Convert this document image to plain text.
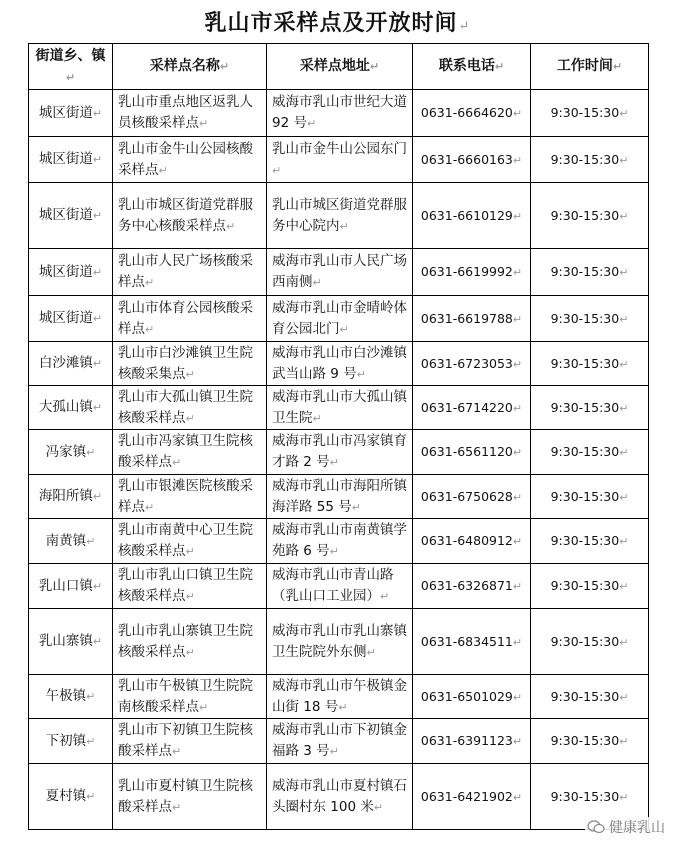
乳山市采样点及开放时间↵
街道乡、镇↵	采样点名称↵	采样点地址↵	联系电话↵	工作时间↵
城区街道↵	乳山市重点地区返乳人员核酸采样点↵	威海市乳山市世纪大道 92 号↵	0631-6664620↵	9:30-15:30↵
城区街道↵	乳山市金牛山公园核酸采样点↵	乳山市金牛山公园东门↵	0631-6660163↵	9:30-15:30↵
城区街道↵	乳山市城区街道党群服务中心核酸采样点↵	乳山市城区街道党群服务中心院内↵	0631-6610129↵	9:30-15:30↵
城区街道↵	乳山市人民广场核酸采样点↵	威海市乳山市人民广场西南侧↵	0631-6619992↵	9:30-15:30↵
城区街道↵	乳山市体育公园核酸采样点↵	威海市乳山市金晴岭体育公园北门↵	0631-6619788↵	9:30-15:30↵
白沙滩镇↵	乳山市白沙滩镇卫生院核酸采集点↵	威海市乳山市白沙滩镇武当山路 9 号↵	0631-6723053↵	9:30-15:30↵
大孤山镇↵	乳山市大孤山镇卫生院核酸采样点↵	威海市乳山市大孤山镇卫生院↵	0631-6714220↵	9:30-15:30↵
冯家镇↵	乳山市冯家镇卫生院核酸采样点↵	威海市乳山市冯家镇育才路 2 号↵	0631-6561120↵	9:30-15:30↵
海阳所镇↵	乳山市银滩医院核酸采样点↵	威海市乳山市海阳所镇海洋路 55 号↵	0631-6750628↵	9:30-15:30↵
南黄镇↵	乳山市南黄中心卫生院核酸采样点↵	威海市乳山市南黄镇学苑路 6 号↵	0631-6480912↵	9:30-15:30↵
乳山口镇↵	乳山市乳山口镇卫生院核酸采样点↵	威海市乳山市青山路（乳山口工业园）↵	0631-6326871↵	9:30-15:30↵
乳山寨镇↵	乳山市乳山寨镇卫生院核酸采样点↵	威海市乳山市乳山寨镇卫生院院外东侧↵	0631-6834511↵	9:30-15:30↵
午极镇↵	乳山市午极镇卫生院院南核酸采样点↵	威海市乳山市午极镇金山街 18 号↵	0631-6501029↵	9:30-15:30↵
下初镇↵	乳山市下初镇卫生院核酸采样点↵	威海市乳山市下初镇金福路 3 号↵	0631-6391123↵	9:30-15:30↵
夏村镇↵	乳山市夏村镇卫生院核酸采样点↵	威海市乳山市夏村镇石头圈村东 100 米↵	0631-6421902↵	9:30-15:30↵
健康乳山
